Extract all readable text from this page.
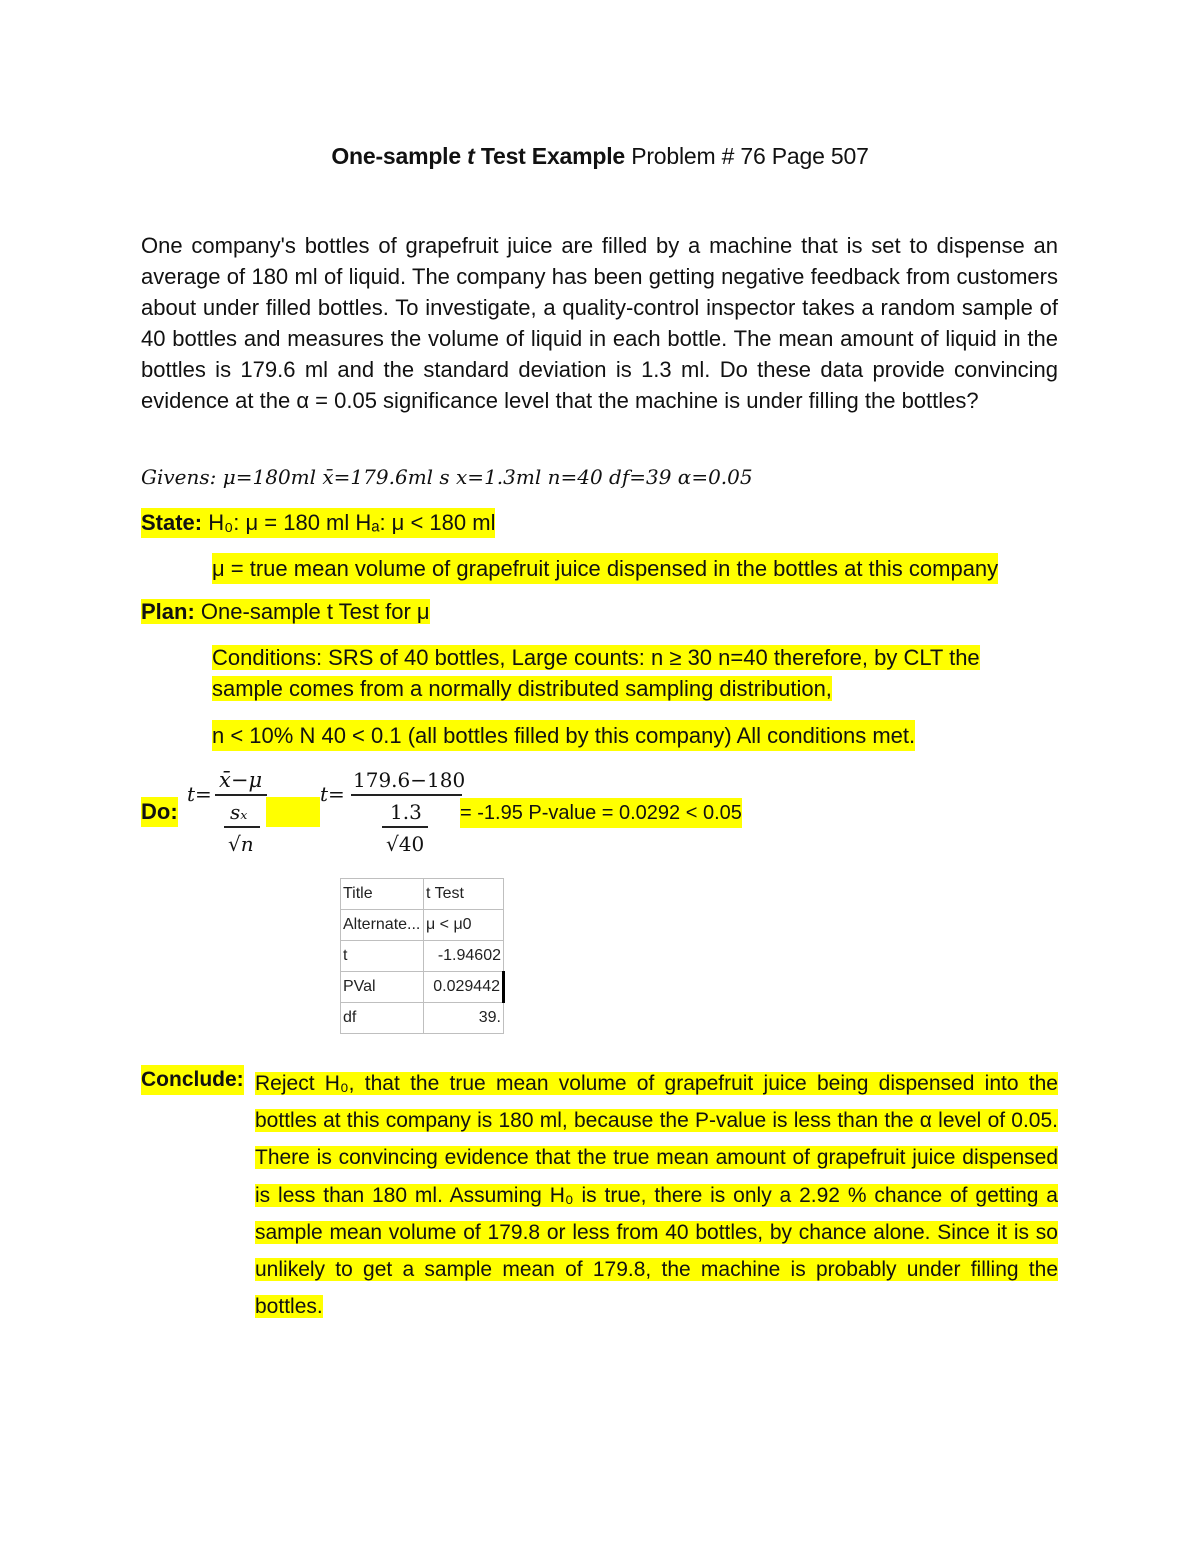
One-sample t Test Example Problem # 76 Page 507
One company's bottles of grapefruit juice are filled by a machine that is set to dispense an average of 180 ml of liquid. The company has been getting negative feedback from customers about under filled bottles. To investigate, a quality-control inspector takes a random sample of 40 bottles and measures the volume of liquid in each bottle. The mean amount of liquid in the bottles is 179.6 ml and the standard deviation is 1.3 ml. Do these data provide convincing evidence at the α = 0.05 significance level that the machine is under filling the bottles?
Givens: μ=180ml x̄=179.6ml s x=1.3ml n=40 df=39 α=0.05
State: H₀: μ = 180 ml Hₐ: μ < 180 ml
μ = true mean volume of grapefruit juice dispensed in the bottles at this company
Plan: One-sample t Test for μ
Conditions: SRS of 40 bottles, Large counts: n ≥ 30 n=40 therefore, by CLT the
sample comes from a normally distributed sampling distribution,
n < 10% N 40 < 0.1 (all bottles filled by this company) All conditions met.
Do:
t=
x̄−μ
sₓ
√n
t=
179.6−180
1.3
√40
= -1.95 P-value = 0.0292 < 0.05
Title	t Test
Alternate...	μ < μ0
t	-1.94602
PVal	0.029442
df	39.
Conclude: Reject H₀, that the true mean volume of grapefruit juice being dispensed into the bottles at this company is 180 ml, because the P-value is less than the α level of 0.05. There is convincing evidence that the true mean amount of grapefruit juice dispensed is less than 180 ml. Assuming H₀ is true, there is only a 2.92 % chance of getting a sample mean volume of 179.8 or less from 40 bottles, by chance alone. Since it is so unlikely to get a sample mean of 179.8, the machine is probably under filling the bottles.
